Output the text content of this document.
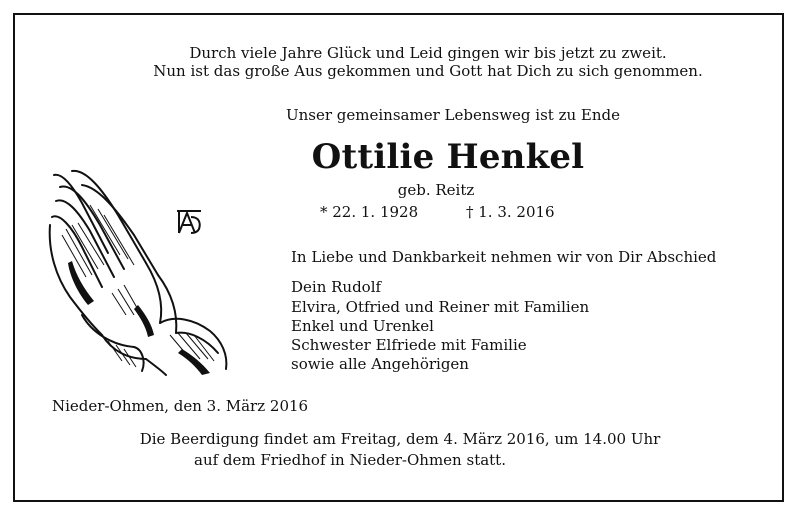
Durch viele Jahre Glück und Leid gingen wir bis jetzt zu zweit.
Nun ist das große Aus gekommen und Gott hat Dich zu sich genommen.
Unser gemeinsamer Lebensweg ist zu Ende
Ottilie Henkel
geb. Reitz
* 22. 1. 1928	† 1. 3. 2016
In Liebe und Dankbarkeit nehmen wir von Dir Abschied
Dein Rudolf
Elvira, Otfried und Reiner mit Familien
Enkel und Urenkel
Schwester Elfriede mit Familie
sowie alle Angehörigen
Nieder-Ohmen, den 3. März 2016
Die Beerdigung findet am Freitag, dem 4. März 2016, um 14.00 Uhr
auf dem Friedhof in Nieder-Ohmen statt.
